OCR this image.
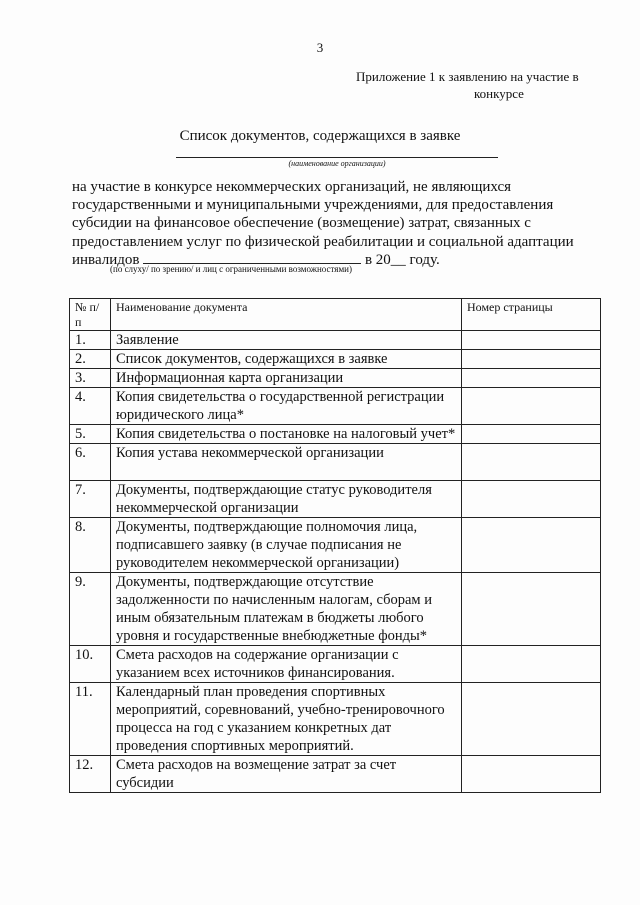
3
Приложение 1 к заявлению на участие в
конкурсе
Список документов, содержащихся в заявке
(наименование организации)
на участие в конкурсе некоммерческих организаций, не являющихся
государственными и муниципальными учреждениями, для предоставления
субсидии на финансовое обеспечение (возмещение) затрат, связанных с
предоставлением услуг по физической реабилитации и социальной адаптации
инвалидов	в 20__ году.
(по слуху/ по зрению/ и лиц с ограниченными возможностями)
№ п/п	Наименование документа	Номер страницы
1.	Заявление	
2.	Список документов, содержащихся в заявке	
3.	Информационная карта организации	
4.	Копия свидетельства о государственной регистрации юридического лица*	
5.	Копия свидетельства о постановке на налоговый учет*	
6.	Копия устава некоммерческой организации	
7.	Документы, подтверждающие статус руководителя некоммерческой организации	
8.	Документы, подтверждающие полномочия лица, подписавшего заявку (в случае подписания не руководителем некоммерческой организации)	
9.	Документы, подтверждающие отсутствие задолженности по начисленным налогам, сборам и иным обязательным платежам в бюджеты любого уровня и государственные внебюджетные фонды*	
10.	Смета расходов на содержание организации с указанием всех источников финансирования.	
11.	Календарный план проведения спортивных мероприятий, соревнований, учебно-тренировочного процесса на год с указанием конкретных дат проведения спортивных мероприятий.	
12.	Смета расходов на возмещение затрат за счет субсидии	
